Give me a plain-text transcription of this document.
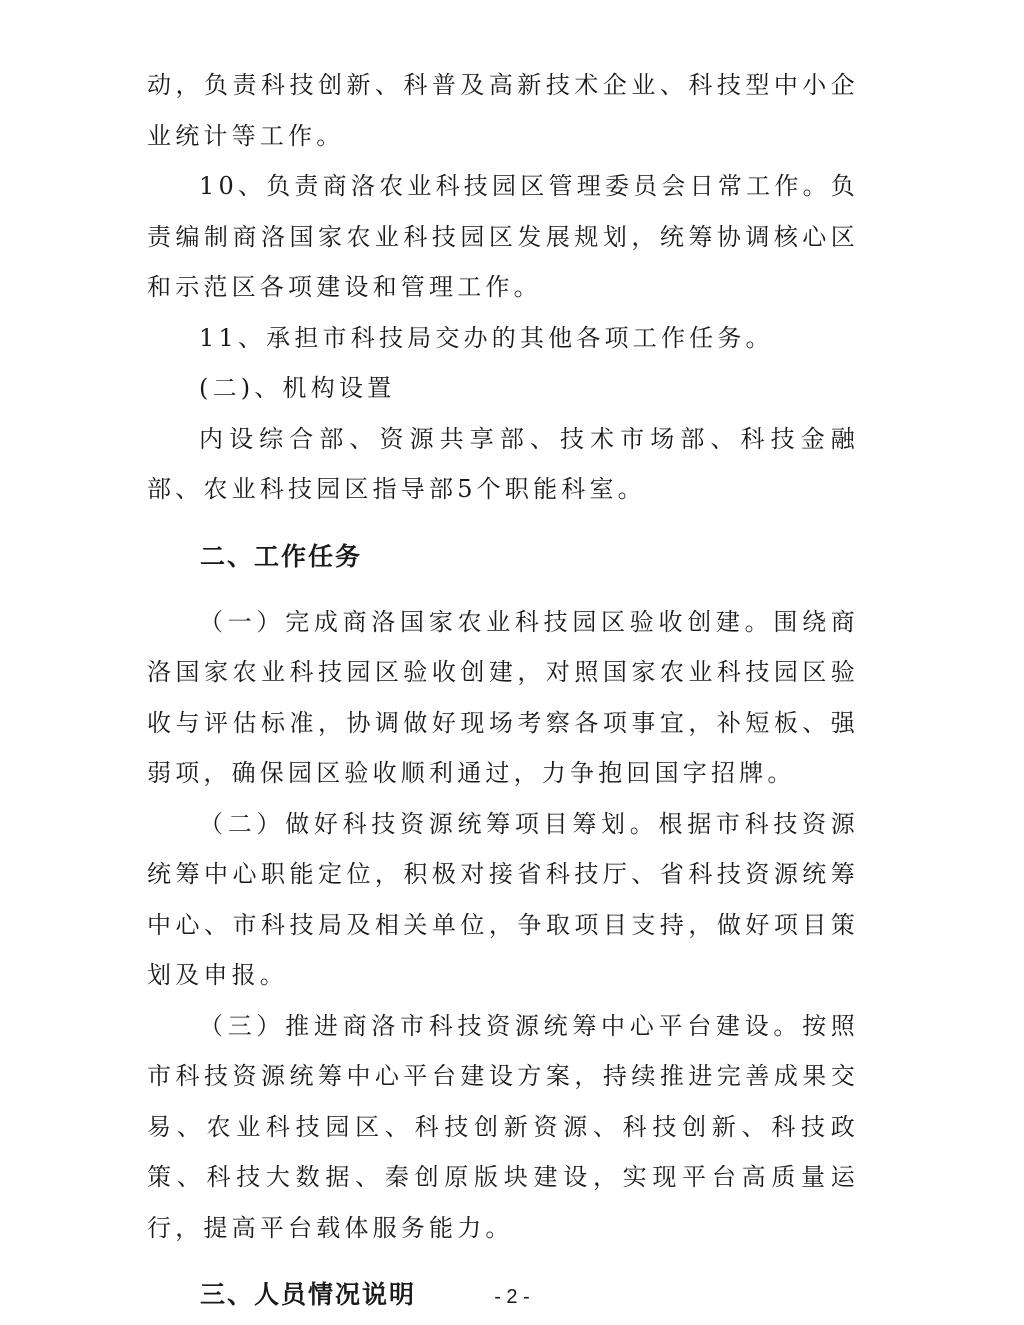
动，负责科技创新、科普及高新技术企业、科技型中小企业统计等工作。

10、负责商洛农业科技园区管理委员会日常工作。负责编制商洛国家农业科技园区发展规划，统筹协调核心区和示范区各项建设和管理工作。

11、承担市科技局交办的其他各项工作任务。

(二)、机构设置

内设综合部、资源共享部、技术市场部、科技金融部、农业科技园区指导部5个职能科室。

二、工作任务

（一）完成商洛国家农业科技园区验收创建。围绕商洛国家农业科技园区验收创建，对照国家农业科技园区验收与评估标准，协调做好现场考察各项事宜，补短板、强弱项，确保园区验收顺利通过，力争抱回国字招牌。

（二）做好科技资源统筹项目筹划。根据市科技资源统筹中心职能定位，积极对接省科技厅、省科技资源统筹中心、市科技局及相关单位，争取项目支持，做好项目策划及申报。

（三）推进商洛市科技资源统筹中心平台建设。按照市科技资源统筹中心平台建设方案，持续推进完善成果交易、农业科技园区、科技创新资源、科技创新、科技政策、科技大数据、秦创原版块建设，实现平台高质量运行，提高平台载体服务能力。

三、人员情况说明	- 2 -
